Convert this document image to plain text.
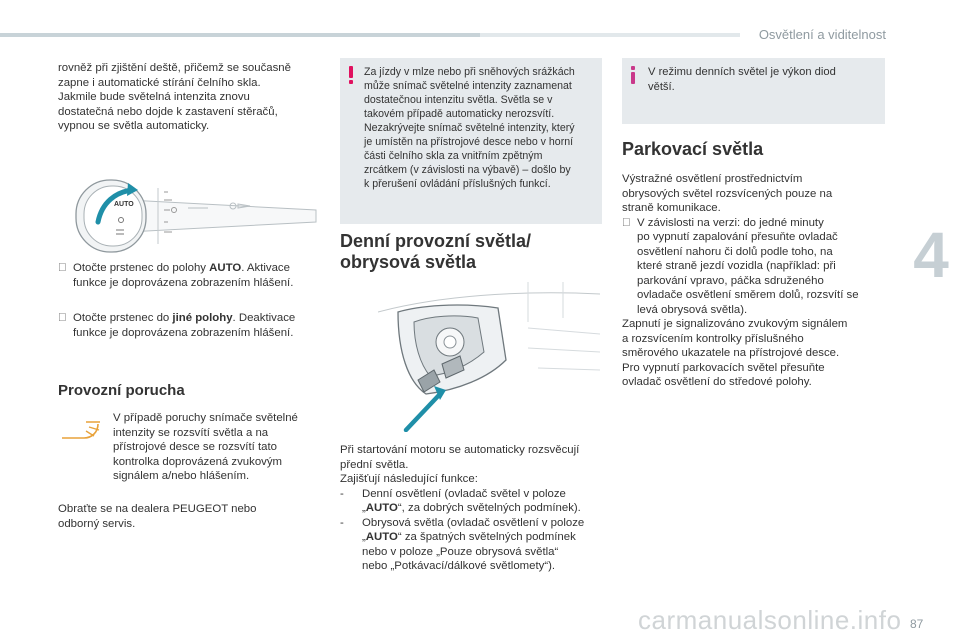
Osvětlení a viditelnost
4
87
carmanualsonline.info

rovněž při zjištění deště, přičemž se současně

zapne i automatické stírání čelního skla.

Jakmile bude světelná intenzita znovu

dostatečná nebo dojde k zastavení stěračů,

vypnou se světla automaticky.

AUTO

Otočte prstenec do polohy AUTO. Aktivace

funkce je doprovázena zobrazením hlášení.

Otočte prstenec do jiné polohy. Deaktivace

funkce je doprovázena zobrazením hlášení.

Provozní porucha

V případě poruchy snímače světelné

intenzity se rozsvítí světla a na

přístrojové desce se rozsvítí tato

kontrolka doprovázená zvukovým

signálem a/nebo hlášením.

Obraťte se na dealera PEUGEOT nebo

odborný servis.

Za jízdy v mlze nebo při sněhových srážkách

může snímač světelné intenzity zaznamenat

dostatečnou intenzitu světla. Světla se v

takovém případě automaticky nerozsvítí.

Nezakrývejte snímač světelné intenzity, který

je umístěn na přístrojové desce nebo v horní

části čelního skla za vnitřním zpětným

zrcátkem (v závislosti na výbavě) – došlo by

k přerušení ovládání příslušných funkcí.

Denní provozní světla/

obrysová světla

Při startování motoru se automaticky rozsvěcují

přední světla.

Zajišťují následující funkce:

- Denní osvětlení (ovladač světel v poloze

„AUTO“, za dobrých světelných podmínek).

- Obrysová světla (ovladač osvětlení v poloze

„AUTO“ za špatných světelných podmínek

nebo v poloze „Pouze obrysová světla“

nebo „Potkávací/dálkové světlomety“).

V režimu denních světel je výkon diod

větší.

Parkovací světla

Výstražné osvětlení prostřednictvím

obrysových světel rozsvícených pouze na

straně komunikace.

V závislosti na verzi: do jedné minuty

po vypnutí zapalování přesuňte ovladač

osvětlení nahoru či dolů podle toho, na

které straně jezdí vozidla (například: při

parkování vpravo, páčka sdruženého

ovladače osvětlení směrem dolů, rozsvítí se

levá obrysová světla).

Zapnutí je signalizováno zvukovým signálem

a rozsvícením kontrolky příslušného

směrového ukazatele na přístrojové desce.

Pro vypnutí parkovacích světel přesuňte

ovladač osvětlení do středové polohy.
